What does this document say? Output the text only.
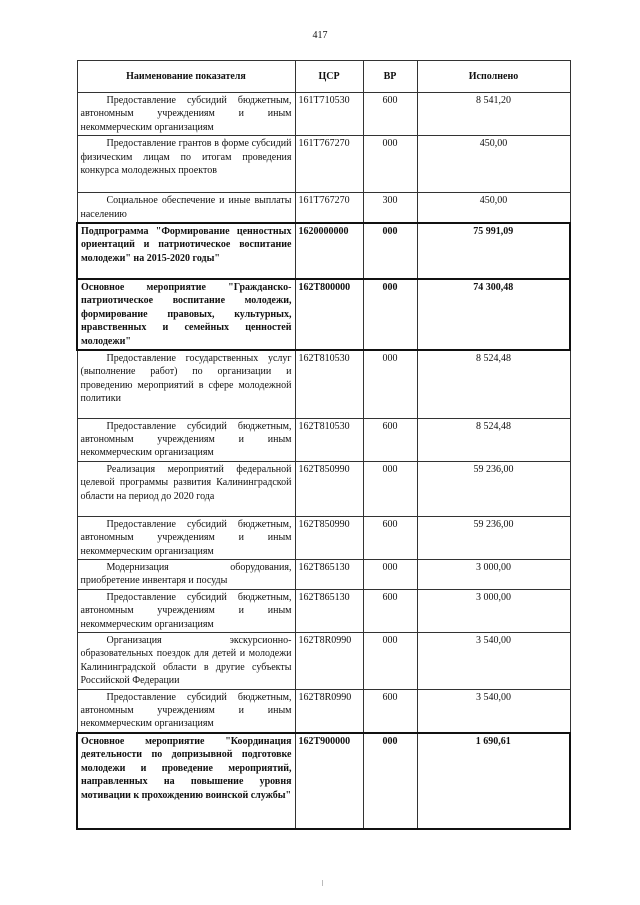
417
Наименование показателя	ЦСР	ВР	Исполнено
Предоставление субсидий бюджетным, автономным учреждениям и иным некоммерческим организациям	161Т710530	600	8 541,20
Предоставление грантов в форме субсидий физическим лицам по итогам проведения конкурса молодежных проектов	161Т767270	000	450,00
Социальное обеспечение и иные выплаты населению	161Т767270	300	450,00
Подпрограмма "Формирование ценностных ориентаций и патриотическое воспитание молодежи" на 2015-2020 годы"	1620000000	000	75 991,09
Основное мероприятие "Гражданско-патриотическое воспитание молодежи, формирование правовых, культурных, нравственных и семейных ценностей молодежи"	162Т800000	000	74 300,48
Предоставление государственных услуг (выполнение работ) по организации и проведению мероприятий в сфере молодежной политики	162Т810530	000	8 524,48
Предоставление субсидий бюджетным, автономным учреждениям и иным некоммерческим организациям	162Т810530	600	8 524,48
Реализация мероприятий федеральной целевой программы развития Калининградской области на период до 2020 года	162Т850990	000	59 236,00
Предоставление субсидий бюджетным, автономным учреждениям и иным некоммерческим организациям	162Т850990	600	59 236,00
Модернизация оборудования, приобретение инвентаря и посуды	162Т865130	000	3 000,00
Предоставление субсидий бюджетным, автономным учреждениям и иным некоммерческим организациям	162Т865130	600	3 000,00
Организация экскурсионно-образовательных поездок для детей и молодежи Калининградской области в другие субъекты Российской Федерации	162Т8R0990	000	3 540,00
Предоставление субсидий бюджетным, автономным учреждениям и иным некоммерческим организациям	162Т8R0990	600	3 540,00
Основное мероприятие "Координация деятельности по допризывной подготовке молодежи и проведение мероприятий, направленных на повышение уровня мотивации к прохождению воинской службы"	162Т900000	000	1 690,61
